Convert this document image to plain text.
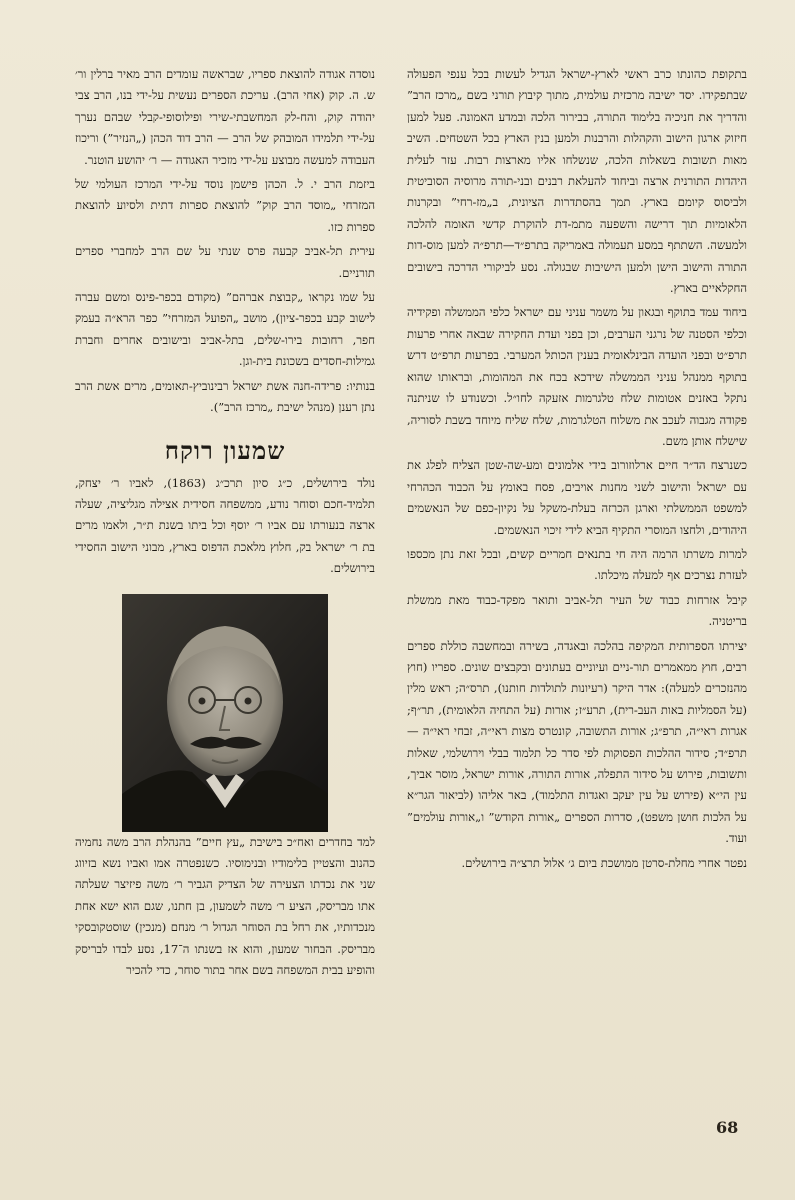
בתקופת כהונתו כרב ראשי לארץ-ישראל הגדיל לעשות בכל ענפי הפעולה שבתפקידו. יסד ישיבה מרכזית עולמית, מתוך קיבוץ תורני בשם „מרכז הרב” והדריך את חניכיה בלימוד התורה, בבירור הלכה ובמדע האמונה. פעל למען חיזוק ארגון הישוב והקהלות והרבנות ולמען בנין הארץ בכל השטחים. השיב מאות תשובות בשאלות הלכה, שנשלחו אליו מארצות רבות. עזר לעלית היהדות התורנית ארצה וביחוד להעלאת רבנים ובני-תורה מרוסיה הסוביטית ולביסוס קיומם בארץ. תמך בהסתדרות הציונית, ב„מז-רחי” ובקרנות הלאומיות תוך דרישה והשפעה מתמ-דת להוקרת קדשי האומה להלכה ולמעשה. השתתף במסע תעמולה באמריקה בתרפ״ד—תרפ״ה למען מוס-דות התורה והישוב הישן ולמען הישיבות שבגולה. נסע לביקורי הדרכה בישובים החקלאיים בארץ.

ביחוד עמד בתוקף ובגאון על משמר עניני עם ישראל כלפי הממשלה ופקידיה וכלפי הסטנה של נרגני הערבים, וכן בפני ועדת החקירה שבאה אחרי פרעות תרפ״ט ובפני הועדה הבינלאומית בענין הכותל המערבי. בפרעות תרפ״ט דרש בתוקף ממנהל עניני הממשלה שידכא בכח את המהומות, ובראותו שהוא נתקל באזנים אטומות שלח טלגרמות אזעקה לחו״ל. וכשנודע לו שניתנה פקודה מגבוה לעכב את משלוח הטלגרמות, שלח שליח מיוחד בשבת לסוריה, שישלח אותן משם.

כשנרצח הד״ר חיים ארלוזורוב בידי אלמונים ומע-שה-שטן הצליח לפלג את עם ישראל והישוב לשני מחנות אויבים, פסח באומץ על הכבוד הכהרחי למשפט הממשלתי וארגן הכרזה בעלת-משקל על נקיון-כפם של הנאשמים היהודים, ולחצו המוסרי התקיף הביא לידי זיכוי הנאשמים.

למרות משרתו הרמה היה חי בתנאים חמריים קשים, ובכל זאת נתן מכספו לעזרת נצרכים אף למעלה מיכלתו.

קיבל אזרחות כבוד של העיר תל-אביב ותואר מפקד-כבוד מאת ממשלת בריטניה.

יצירתו הספרותית המקיפה בהלכה ובאגדה, בשירה ובמחשבה כוללת ספרים רבים, חוץ ממאמרים תור-ניים ועיוניים בעתונים ובקבצים שונים. ספריו (חוץ מהנזכרים למעלה): אדר היקר (רעיונות לתולדות חותנו), תרס״ה; ראש מלין (על הסמליות באות העב-רית), תרע״ז; אורות (על התחיה הלאומית), תר״ף; אגרות ראי״ה, תרפ״ג; אורות התשובה, קונטרס מצות ראי״ה, זבחי ראי״ה — תרפ״ד; סידור ההלכות הפסוקות לפי סדר כל תלמוד בבלי וירושלמי, שאלות ותשובות, פירוש על סידור התפלה, אורות התורה, אורות ישראל, מוסר אביך, עין הי״א (פירוש על עין יעקב ואגדות התלמוד), באר אליהו (לביאור הגר״א על הלכות חושן משפט), סדרות הספרים „אורות הקודש” ו„אורות עולמים” ועוד.

נפטר אחרי מחלת-סרטן ממושכת ביום ג׳ אלול תרצ״ה בירושלים.

נוסדה אגודה להוצאת ספריו, שבראשה עומדים הרב מאיר ברלין ור׳ ש. ה. קוק (אחי הרב). עריכת הספרים נעשית על-ידי בנו, הרב צבי יהודה קוק, והח-לק המחשבתי-שירי ופילוסופי-קבלי שבהם נערך על-ידי תלמידו המובהק של הרב — הרב דוד הכהן („הנזיר”) וריכוז העבודה למעשה מבוצע על-ידי מזכיר האגודה — ר׳ יהושע הוטנר.

ביזמת הרב י. ל. הכהן פישמן נוסד על-ידי המרכז העולמי של המזרחי „מוסד הרב קוק” להוצאת ספרות דתית ולסיוע להוצאת ספרות כזו.

עירית תל-אביב קבעה פרס שנתי על שם הרב למחברי ספרים תורניים.

על שמו נקראו „קבוצת אברהם” (מקודם בכפר-פינס ומשם עברה לישוב קבע בכפר-ציון), מושב „הפועל המזרחי” כפר הרא״ה בעמק חפר, רחובות בירו-שלים, בתל-אביב ובישובים אחרים וחברת גמילות-חסדים בשכונת בית-וגן.

בנותיו: פרידה-חנה אשת ישראל רבינוביץ-תאומים, מרים אשת הרב נתן רענן (מנהל ישיבת „מרכז הרב”).

שמעון רוקח

נולד בירושלים, כ״ג סיון תרכ״ג (1863), לאביו ר׳ יצחק, תלמיד-חכם וסוחר נודע, ממשפחה חסידית אצילה מגליציה, שעלה ארצה בנעורתו עם אביו ר׳ יוסף וכל ביתו בשנת ת״ר, ולאמו מרים בת ר׳ ישראל בק, חלוץ מלאכת הדפוס בארץ, מבוני הישוב החסידי בירושלים.

למד בחדרים ואח״כ בישיבת „עץ חיים” בהנהלת הרב משה נחמיה כהנוב והצטיין בלימודיו ובנימוסיו. כשנפטרה אמו ואביו נשא בזיווג שני את נכדתו הצעירה של הצדיק הגביר ר׳ משה פיזיצר שעלתה אתו מבריסק, הציע ר׳ משה לשמעון, בן חתנו, שגם הוא ישא אחת מנכדותיו, את רחל בת הסוחר הגדול ר׳ מנחם (מנכין) שוסטקובסקי מבריסק. הבחור שמעון, והוא אז בשנתו ה־17, נסע לבדו לבריסק והופיע בבית המשפחה בשם אחר בתור סוחר, כדי להכיר

68
